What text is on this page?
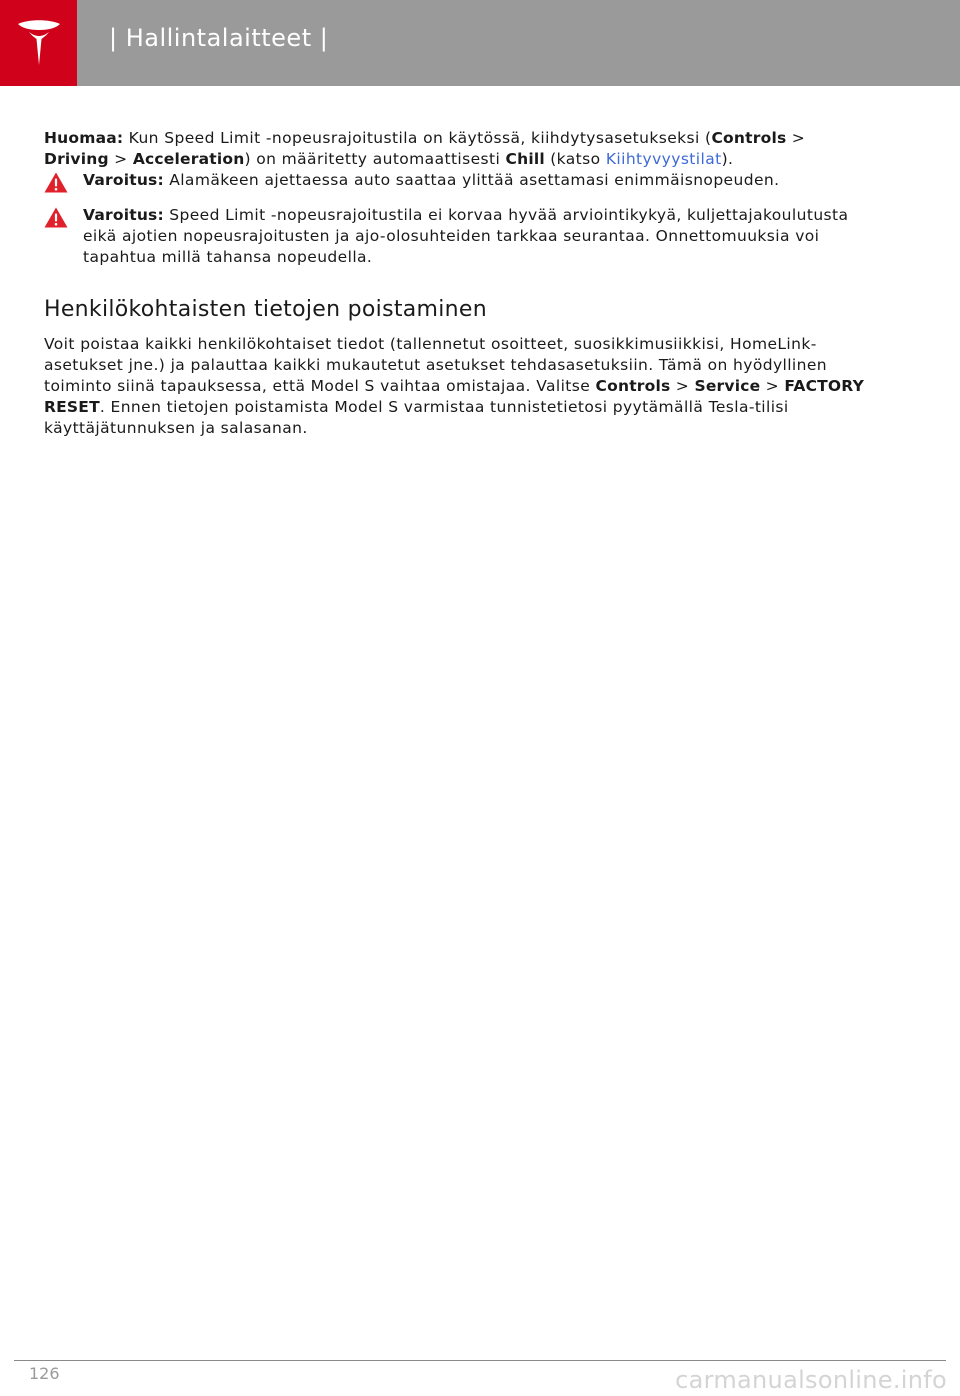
| Hallintalaitteet |

Huomaa: Kun Speed Limit -nopeusrajoitustila on käytössä, kiihdytysasetukseksi (Controls > Driving > Acceleration) on määritetty automaattisesti Chill (katso Kiihtyvyystilat).

Varoitus: Alamäkeen ajettaessa auto saattaa ylittää asettamasi enimmäisnopeuden.

Varoitus: Speed Limit -nopeusrajoitustila ei korvaa hyvää arviointikykyä, kuljettajakoulutusta eikä ajotien nopeusrajoitusten ja ajo-olosuhteiden tarkkaa seurantaa. Onnettomuuksia voi tapahtua millä tahansa nopeudella.

Henkilökohtaisten tietojen poistaminen

Voit poistaa kaikki henkilökohtaiset tiedot (tallennetut osoitteet, suosikkimusiikkisi, HomeLink-asetukset jne.) ja palauttaa kaikki mukautetut asetukset tehdasasetuksiin. Tämä on hyödyllinen toiminto siinä tapauksessa, että Model S vaihtaa omistajaa. Valitse Controls > Service > FACTORY RESET. Ennen tietojen poistamista Model S varmistaa tunnistetietosi pyytämällä Tesla-tilisi käyttäjätunnuksen ja salasanan.

126	carmanualsonline.info
